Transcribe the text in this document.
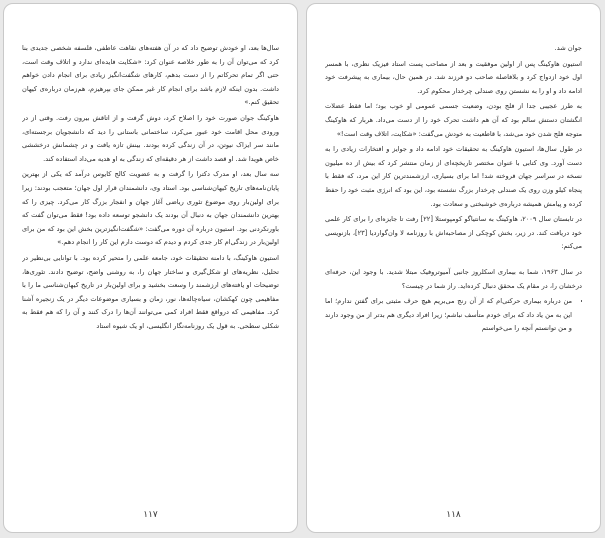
سال‌ها بعد، او خودش توضیح داد که در آن هفته‌های نقاهت عاطفی، فلسفه شخصی جدیدی بنا کرد که می‌توان آن را به طور خلاصه عنوان کرد: «شکایت فایده‌ای ندارد و اتلاف وقت است، حتی اگر تمام تحرکاتم را از دست بدهم، کارهای شگفت‌انگیز زیادی برای انجام دادن خواهم داشت. بدون اینکه لازم باشد برای انجام کار غیر ممکن جای بپرهیزم، هم‌زمان درباره‌ی کیهان تحقیق کنم.»

هاوکینگ جوان صورت خود را اصلاح کرد، دوش گرفت و از اتاقش بیرون رفت. وقتی از در ورودی محل اقامت خود عبور می‌کرد، ساختمانی باستانی را دید که دانشجویان برجسته‌ای، مانند سر ایزاک نیوتن، در آن زندگی کرده بودند. بینش تازه یافت و در چشمانش درخششی خاص هویدا شد. او قصد داشت از هر دقیقه‌ای که زندگی به او هدیه می‌داد استفاده کند.

سه سال بعد، او مدرک دکترا را گرفت و به عضویت کالج کایوس درآمد که یکی از بهترین پایان‌نامه‌های تاریخ کیهان‌شناسی بود. استاد وی، دانشمندان قرار اول جهان؛ متعجب بودند: زیرا برای اولین‌بار روی موضوع تئوری ریاضی آغاز جهان و انفجار بزرگ کار می‌کرد. چیزی را که بهترین دانشمندان جهان به دنبال آن بودند یک دانشجو توسعه داده بود! فقط می‌توان گفت که باورنکردنی بود. استیون درباره آن دوره می‌گفت: «شگفت‌انگیزترین بخش این بود که من برای اولین‌بار در زندگی‌ام کار جدی کردم و دیدم که دوست دارم این کار را انجام دهم.»

استیون هاوکینگ، با دامنه تحقیقات خود، جامعه علمی را متحیر کرده بود. با توانایی بی‌نظیر در تحلیل، نظریه‌های او شکل‌گیری و ساختار جهان را، به روشنی واضح، توضیح دادند. تئوری‌ها، توضیحات او یافته‌های ارزشمند را وسعت بخشید و برای اولین‌بار در تاریخ کیهان‌شناسی ما را با مفاهیمی چون کهکشان، سیاه‌چاله‌ها، نور، زمان و بسیاری موضوعات دیگر در یک زنجیره آشنا کرد. مفاهیمی که درواقع فقط افراد کمی می‌توانند آن‌ها را درک کنند و آن را که هم فقط به شکلی سطحی. به قول یک روزنامه‌نگار انگلیسی، او یک شیوه استاد

۱۱۷

جوان شد.

استیون هاوکینگ پس از اولین موفقیت و بعد از مصاحب پست استاد فیزیک نظری، با همسر اول خود ازدواج کرد و بلافاصله صاحب دو فرزند شد. در همین حال، بیماری به پیشرفت خود ادامه داد و او را به نشستن روی صندلی چرخدار محکوم کرد.

به طرز عجیبی جدا از فلج بودن، وضعیت جسمی عمومی او خوب بود؛ اما فقط عضلات انگشتان دستش سالم بود که آن هم داشت تحرک خود را از دست می‌داد. هربار که هاوکینگ متوجه فلج شدن خود می‌شد، با قاطعیت به خودش می‌گفت: «شکایت، اتلاف وقت است!»

در طول سال‌ها، استیون هاوکینگ به تحقیقات خود ادامه داد و جوایز و افتخارات زیادی را به دست آورد. وی کتابی با عنوان مختصر تاریخچه‌ای از زمان منتشر کرد که بیش از ده میلیون نسخه در سراسر جهان فروخته شد! اما برای بسیاری، ارزشمندترین کار این مرد، که فقط با پنجاه کیلو وزن روی یک صندلی چرخدار بزرگ نشسته بود، این بود که انرژی مثبت خود را حفظ کرده و پیامش همیشه درباره‌ی خوشبختی و سعادت بود.

در تابستان سال ۲۰۰۹، هاوکینگ به سانتیاگو کومپوستلا [۲۲] رفت تا جایزه‌ای را برای کار علمی خود دریافت کند. در زیر، بخش کوچکی از مصاحبه‌اش با روزنامه لا وان‌گواردیا [۲۳]، بازنویسی می‌کنم:

در سال ۱۹۶۳، شما به بیماری اسکلروز جانبی آمیوتروفیک مبتلا شدید. با وجود این، حرفه‌ای درخشان را، در مقام یک محقق دنبال کرده‌اید. راز شما در چیست؟

• من درباره بیماری حرکتی‌ام که از آن رنج می‌بریم هیچ حرف مثبتی برای گفتن ندارم؛ اما این به من یاد داد که برای خودم متأسف نباشم؛ زیرا افراد دیگری هم بدتر از من وجود دارند و من توانستم آنچه را می‌خواستم
۱۱۸
